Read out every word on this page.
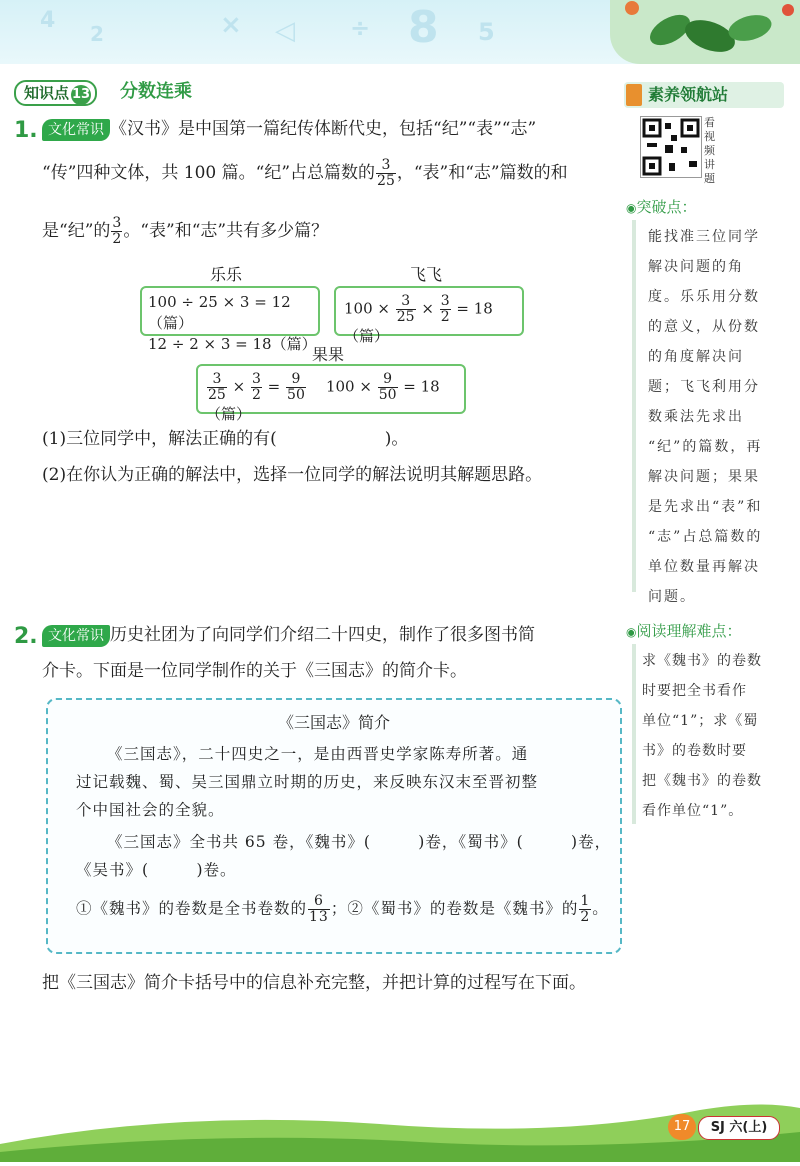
4
2	× ◁ ÷ 8 5
知识点 13	分数连乘	素养领航站
看视频讲题
1. 文化常识 《汉书》是中国第一篇纪传体断代史，包括“纪”“表”“志”
“传”四种文体，共 100 篇。“纪”占总篇数的 $\frac{3}{25}$ ，“表”和“志”篇数的和
是“纪”的 $\frac{3}{2}$ 。“表”和“志”共有多少篇？
乐乐
100 ÷ 25 × 3 = 12（篇）
12 ÷ 2 × 3 = 18（篇）
飞飞
$100 \times \frac{3}{25} \times \frac{3}{2} = 18$（篇）
果果
$\frac{3}{25} \times \frac{3}{2} = \frac{9}{50} 100 \times \frac{9}{50} = 18$（篇）
(1)三位同学中，解法正确的有(                    )。
(2)在你认为正确的解法中，选择一位同学的解法说明其解题思路。
2. 文化常识 历史社团为了向同学们介绍二十四史，制作了很多图书简
介卡。下面是一位同学制作的关于《三国志》的简介卡。
《三国志》简介
《三国志》，二十四史之一，是由西晋史学家陈寿所著。通
过记载魏、蜀、吴三国鼎立时期的历史，来反映东汉末至晋初整
个中国社会的全貌。
《三国志》全书共 65 卷，《魏书》(        )卷，《蜀书》(        )卷，
《吴书》(        )卷。
①《魏书》的卷数是全书卷数的 $\frac{6}{13}$ ；②《蜀书》的卷数是《魏书》的 $\frac{1}{2}$ 。
把《三国志》简介卡括号中的信息补充完整，并把计算的过程写在下面。
◉突破点：
能找准三位同学
解决问题的角
度。乐乐用分数
的意义，从份数
的角度解决问
题；飞飞利用分
数乘法先求出
“纪”的篇数，再
解决问题；果果
是先求出“表”和
“志”占总篇数的
单位数量再解决
问题。
◉阅读理解难点：
求《魏书》的卷数
时要把全书看作
单位“1”；求《蜀
书》的卷数时要
把《魏书》的卷数
看作单位“1”。
17	SJ 六(上)
